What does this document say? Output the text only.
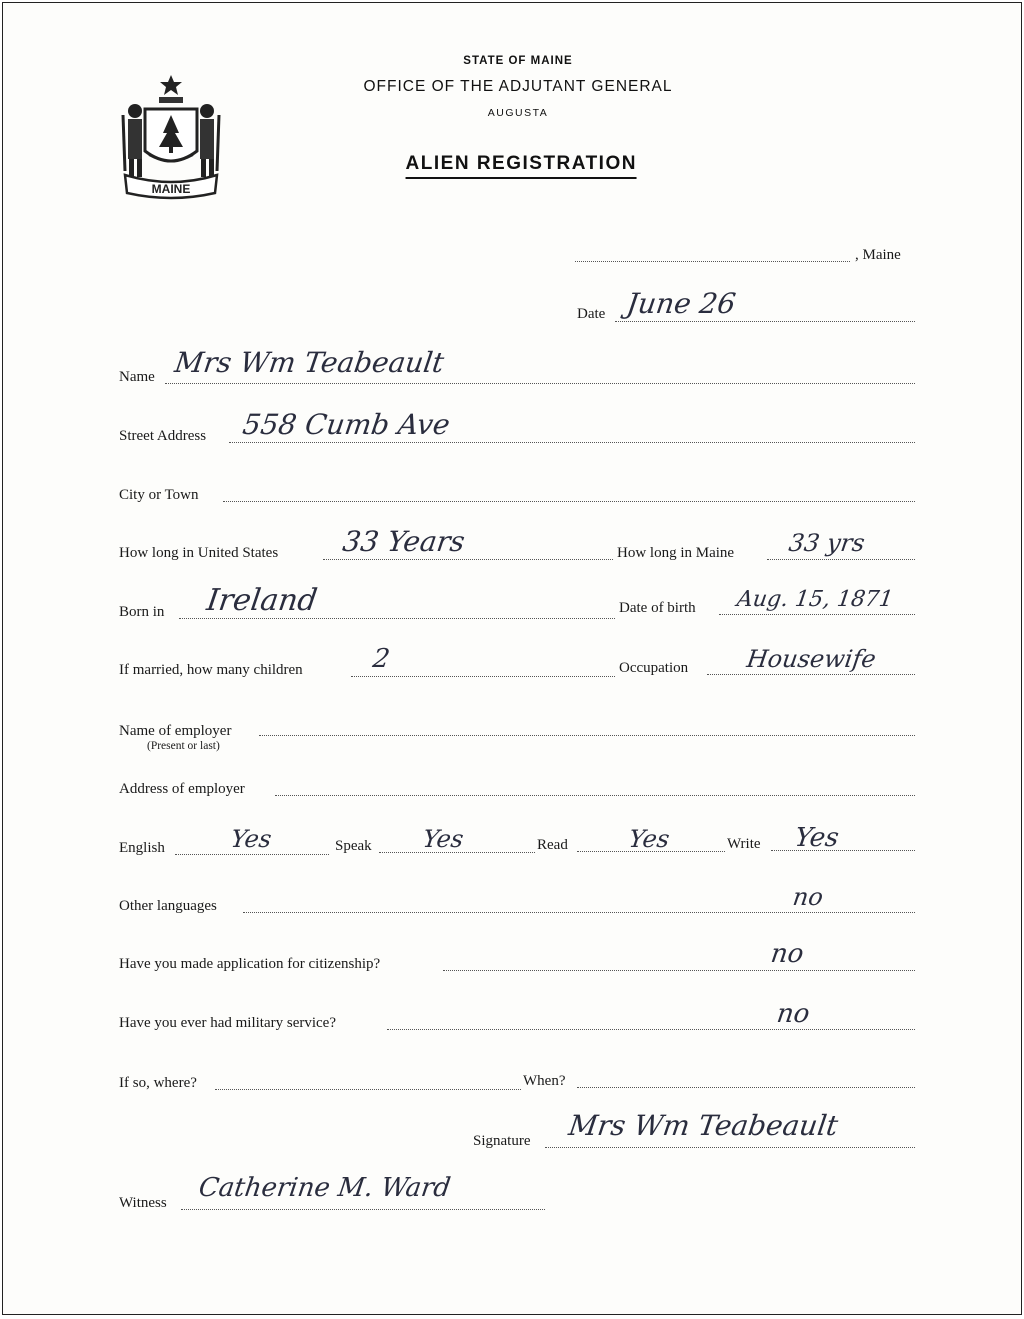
MAINE
STATE OF MAINE
OFFICE OF THE ADJUTANT GENERAL
AUGUSTA
ALIEN REGISTRATION
, Maine
Date June 26
Name Mrs Wm Teabeault
Street Address 558 Cumb Ave
City or Town
How long in United States 33 Years	How long in Maine 33 yrs
Born in Ireland	Date of birth Aug. 15, 1871
If married, how many children	2	Occupation Housewife
Name of employer
(Present or last)
Address of employer
English	Yes	Speak Yes	Read Yes	Write Yes
Other languages	no
Have you made application for citizenship?	no
Have you ever had military service?	no
If so, where?	When?
Signature Mrs Wm Teabeault
Witness Catherine M. Ward
